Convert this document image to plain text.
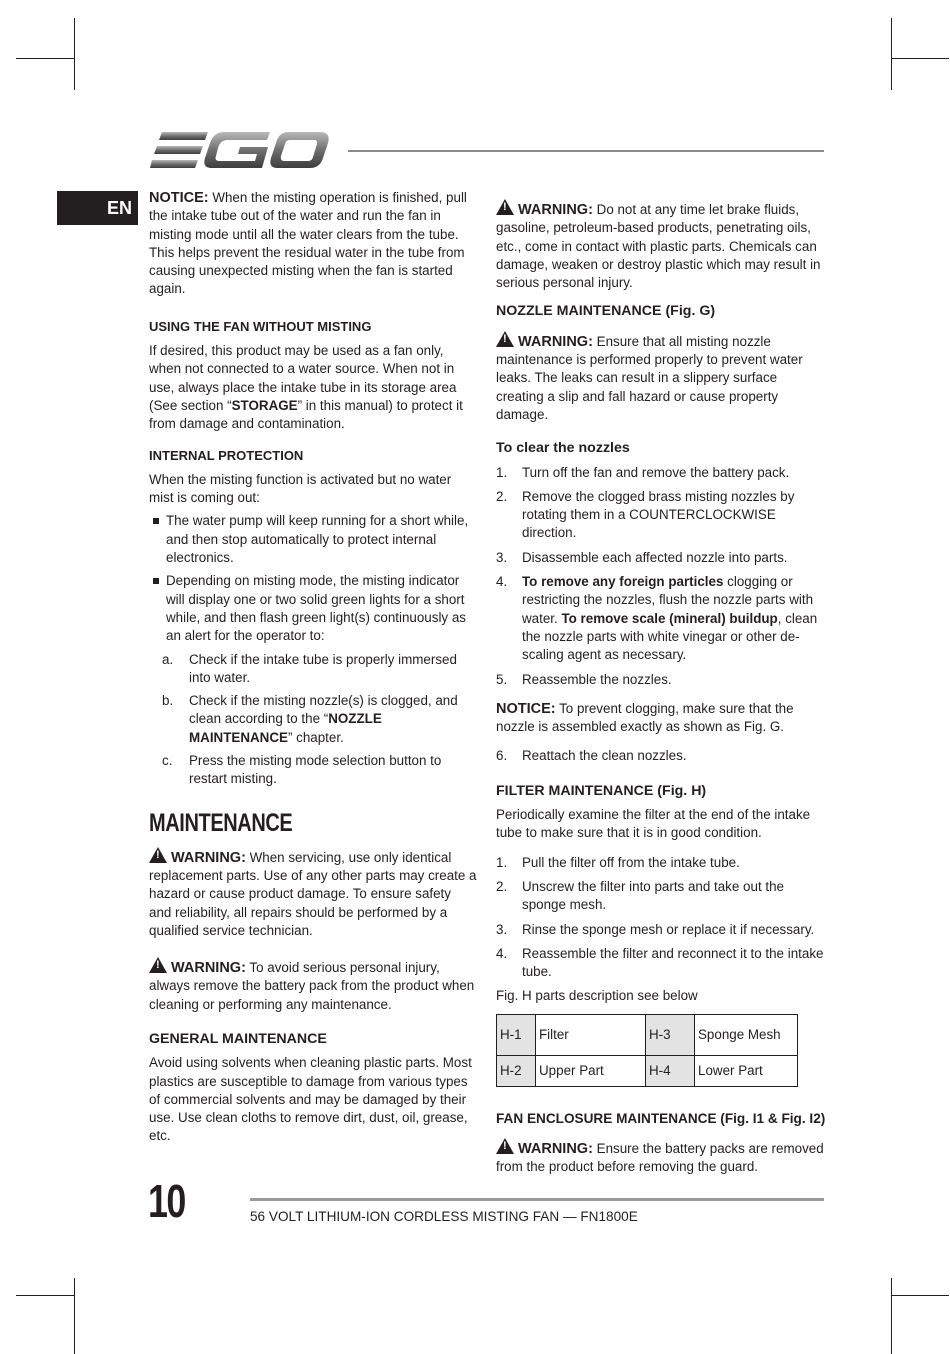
EN	NOTICE: When the misting operation is finished, pull the intake tube out of the water and run the fan in misting mode until all the water clears from the tube. This helps prevent the residual water in the tube from causing unexpected misting when the fan is started again.

USING THE FAN WITHOUT MISTING

If desired, this product may be used as a fan only, when not connected to a water source. When not in use, always place the intake tube in its storage area (See section “STORAGE” in this manual) to protect it from damage and contamination.

INTERNAL PROTECTION

When the misting function is activated but no water mist is coming out:

The water pump will keep running for a short while, and then stop automatically to protect internal electronics.

Depending on misting mode, the misting indicator will display one or two solid green lights for a short while, and then flash green light(s) continuously as an alert for the operator to:

a. Check if the intake tube is properly immersed into water.

b. Check if the misting nozzle(s) is clogged, and clean according to the “NOZZLE MAINTENANCE” chapter.

c. Press the misting mode selection button to restart misting.

MAINTENANCE

!WARNING: When servicing, use only identical replacement parts. Use of any other parts may create a hazard or cause product damage. To ensure safety and reliability, all repairs should be performed by a qualified service technician.

!WARNING: To avoid serious personal injury, always remove the battery pack from the product when cleaning or performing any maintenance.

GENERAL MAINTENANCE

Avoid using solvents when cleaning plastic parts. Most plastics are susceptible to damage from various types of commercial solvents and may be damaged by their use. Use clean cloths to remove dirt, dust, oil, grease, etc.

!WARNING: Do not at any time let brake fluids, gasoline, petroleum-based products, penetrating oils, etc., come in contact with plastic parts. Chemicals can damage, weaken or destroy plastic which may result in serious personal injury.

NOZZLE MAINTENANCE (Fig. G)

!WARNING: Ensure that all misting nozzle maintenance is performed properly to prevent water leaks. The leaks can result in a slippery surface creating a slip and fall hazard or cause property damage.

To clear the nozzles

1. Turn off the fan and remove the battery pack.

2. Remove the clogged brass misting nozzles by rotating them in a COUNTERCLOCKWISE direction.

3. Disassemble each affected nozzle into parts.

4. To remove any foreign particles clogging or restricting the nozzles, flush the nozzle parts with water. To remove scale (mineral) buildup, clean the nozzle parts with white vinegar or other de-scaling agent as necessary.

5. Reassemble the nozzles.

NOTICE: To prevent clogging, make sure that the nozzle is assembled exactly as shown as Fig. G.

6. Reattach the clean nozzles.

FILTER MAINTENANCE (Fig. H)

Periodically examine the filter at the end of the intake tube to make sure that it is in good condition.

1. Pull the filter off from the intake tube.

2. Unscrew the filter into parts and take out the sponge mesh.

3. Rinse the sponge mesh or replace it if necessary.

4. Reassemble the filter and reconnect it to the intake tube.

Fig. H parts description see below

H-1	Filter	H-3	Sponge Mesh
H-2	Upper Part	H-4	Lower Part

FAN ENCLOSURE MAINTENANCE (Fig. I1 & Fig. I2)

!WARNING: Ensure the battery packs are removed from the product before removing the guard.

10	56 VOLT LITHIUM-ION CORDLESS MISTING FAN — FN1800E
